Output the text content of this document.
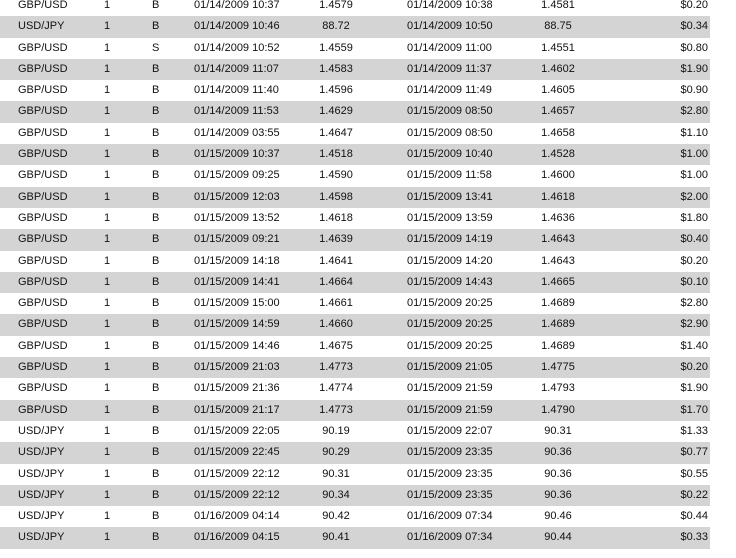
GBP/USD	1	B	01/14/2009 10:37	1.4579	01/14/2009 10:38	1.4581	$0.20
USD/JPY	1	B	01/14/2009 10:46	88.72	01/14/2009 10:50	88.75	$0.34
GBP/USD	1	S	01/14/2009 10:52	1.4559	01/14/2009 11:00	1.4551	$0.80
GBP/USD	1	B	01/14/2009 11:07	1.4583	01/14/2009 11:37	1.4602	$1.90
GBP/USD	1	B	01/14/2009 11:40	1.4596	01/14/2009 11:49	1.4605	$0.90
GBP/USD	1	B	01/14/2009 11:53	1.4629	01/15/2009 08:50	1.4657	$2.80
GBP/USD	1	B	01/14/2009 03:55	1.4647	01/15/2009 08:50	1.4658	$1.10
GBP/USD	1	B	01/15/2009 10:37	1.4518	01/15/2009 10:40	1.4528	$1.00
GBP/USD	1	B	01/15/2009 09:25	1.4590	01/15/2009 11:58	1.4600	$1.00
GBP/USD	1	B	01/15/2009 12:03	1.4598	01/15/2009 13:41	1.4618	$2.00
GBP/USD	1	B	01/15/2009 13:52	1.4618	01/15/2009 13:59	1.4636	$1.80
GBP/USD	1	B	01/15/2009 09:21	1.4639	01/15/2009 14:19	1.4643	$0.40
GBP/USD	1	B	01/15/2009 14:18	1.4641	01/15/2009 14:20	1.4643	$0.20
GBP/USD	1	B	01/15/2009 14:41	1.4664	01/15/2009 14:43	1.4665	$0.10
GBP/USD	1	B	01/15/2009 15:00	1.4661	01/15/2009 20:25	1.4689	$2.80
GBP/USD	1	B	01/15/2009 14:59	1.4660	01/15/2009 20:25	1.4689	$2.90
GBP/USD	1	B	01/15/2009 14:46	1.4675	01/15/2009 20:25	1.4689	$1.40
GBP/USD	1	B	01/15/2009 21:03	1.4773	01/15/2009 21:05	1.4775	$0.20
GBP/USD	1	B	01/15/2009 21:36	1.4774	01/15/2009 21:59	1.4793	$1.90
GBP/USD	1	B	01/15/2009 21:17	1.4773	01/15/2009 21:59	1.4790	$1.70
USD/JPY	1	B	01/15/2009 22:05	90.19	01/15/2009 22:07	90.31	$1.33
USD/JPY	1	B	01/15/2009 22:45	90.29	01/15/2009 23:35	90.36	$0.77
USD/JPY	1	B	01/15/2009 22:12	90.31	01/15/2009 23:35	90.36	$0.55
USD/JPY	1	B	01/15/2009 22:12	90.34	01/15/2009 23:35	90.36	$0.22
USD/JPY	1	B	01/16/2009 04:14	90.42	01/16/2009 07:34	90.46	$0.44
USD/JPY	1	B	01/16/2009 04:15	90.41	01/16/2009 07:34	90.44	$0.33
